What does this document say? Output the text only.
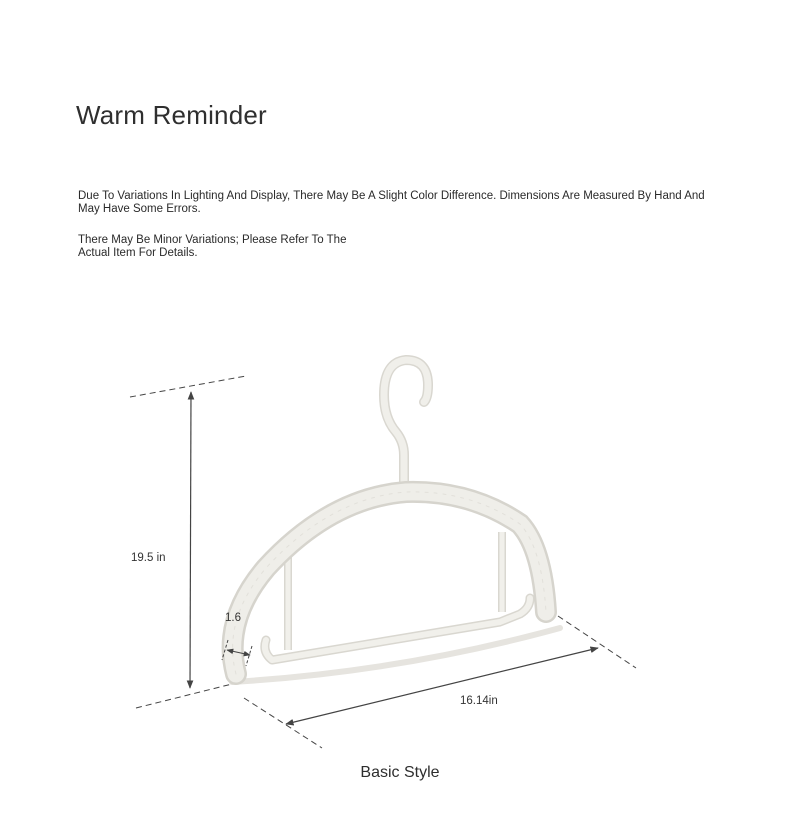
Warm Reminder

Due To Variations In Lighting And Display, There May Be A Slight Color Difference. Dimensions Are Measured By Hand And May Have Some Errors.

There May Be Minor Variations; Please Refer To The Actual Item For Details.

19.5 in
1.6
16.14in
Basic Style
